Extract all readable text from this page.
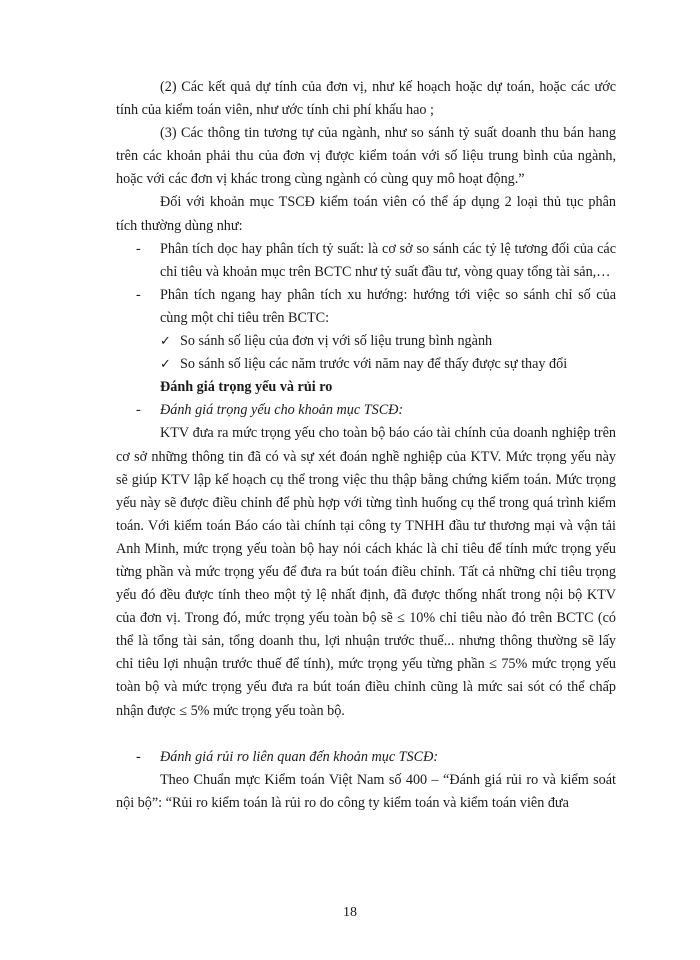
(2) Các kết quả dự tính của đơn vị, như kế hoạch hoặc dự toán, hoặc các ước tính của kiểm toán viên, như ước tính chi phí khấu hao ;

(3) Các thông tin tương tự của ngành, như so sánh tỷ suất doanh thu bán hang trên các khoản phải thu của đơn vị được kiểm toán với số liệu trung bình của ngành, hoặc với các đơn vị khác trong cùng ngành có cùng quy mô hoạt động.”

Đối với khoản mục TSCĐ kiểm toán viên có thể áp dụng 2 loại thủ tục phân tích thường dùng như:

- Phân tích dọc hay phân tích tỷ suất: là cơ sở so sánh các tỷ lệ tương đối của các chỉ tiêu và khoản mục trên BCTC như tỷ suất đầu tư, vòng quay tổng tài sản,…
- Phân tích ngang hay phân tích xu hướng: hướng tới việc so sánh chỉ số của cùng một chỉ tiêu trên BCTC:
✓ So sánh số liệu của đơn vị với số liệu trung bình ngành
✓ So sánh số liệu các năm trước với năm nay để thấy được sự thay đổi

Đánh giá trọng yếu và rủi ro

- Đánh giá trọng yếu cho khoản mục TSCĐ:

KTV đưa ra mức trọng yếu cho toàn bộ báo cáo tài chính của doanh nghiệp trên cơ sở những thông tin đã có và sự xét đoán nghề nghiệp của KTV. Mức trọng yếu này sẽ giúp KTV lập kế hoạch cụ thể trong việc thu thập bằng chứng kiểm toán. Mức trọng yếu này sẽ được điều chỉnh để phù hợp với từng tình huống cụ thể trong quá trình kiểm toán. Với kiểm toán Báo cáo tài chính tại công ty TNHH đầu tư thương mại và vận tải Anh Minh, mức trọng yếu toàn bộ hay nói cách khác là chỉ tiêu để tính mức trọng yếu từng phần và mức trọng yếu để đưa ra bút toán điều chỉnh. Tất cả những chỉ tiêu trọng yếu đó đều được tính theo một tỷ lệ nhất định, đã được thống nhất trong nội bộ KTV của đơn vị. Trong đó, mức trọng yếu toàn bộ sẽ ≤ 10% chỉ tiêu nào đó trên BCTC (có thể là tổng tài sản, tổng doanh thu, lợi nhuận trước thuế... nhưng thông thường sẽ lấy chỉ tiêu lợi nhuận trước thuế để tính), mức trọng yếu từng phần ≤ 75% mức trọng yếu toàn bộ và mức trọng yếu đưa ra bút toán điều chỉnh cũng là mức sai sót có thể chấp nhận được ≤ 5% mức trọng yếu toàn bộ.

- Đánh giá rủi ro liên quan đến khoản mục TSCĐ:

Theo Chuẩn mực Kiểm toán Việt Nam số 400 – “Đánh giá rủi ro và kiểm soát nội bộ”: “Rủi ro kiểm toán là rủi ro do công ty kiểm toán và kiểm toán viên đưa

18
